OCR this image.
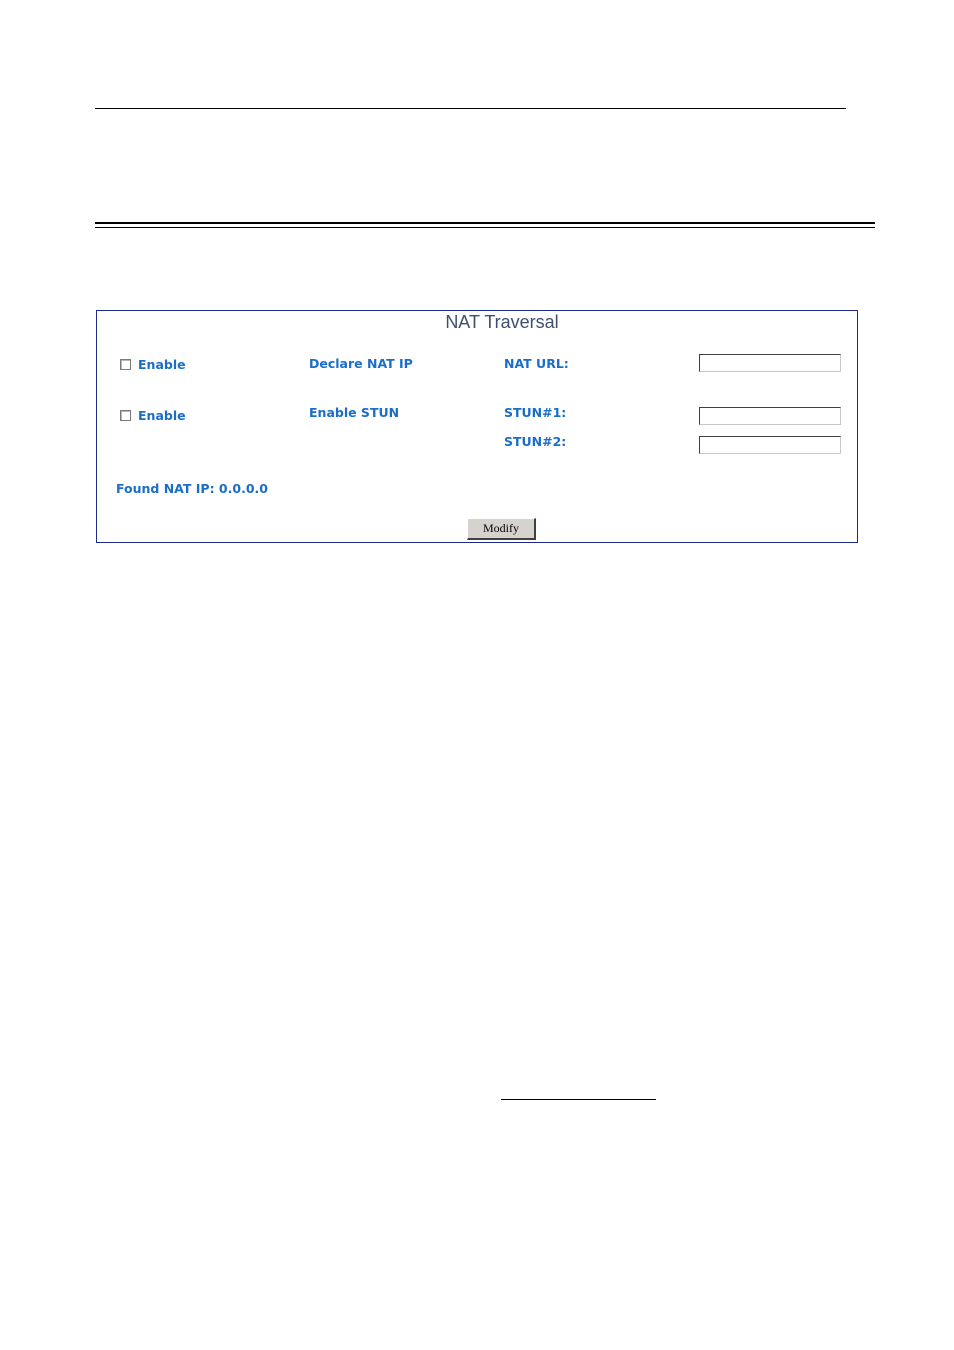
NAT Traversal
Enable	Declare NAT IP	NAT URL:
Enable	Enable STUN	STUN#1:
STUN#2:
Found NAT IP: 0.0.0.0
Modify
